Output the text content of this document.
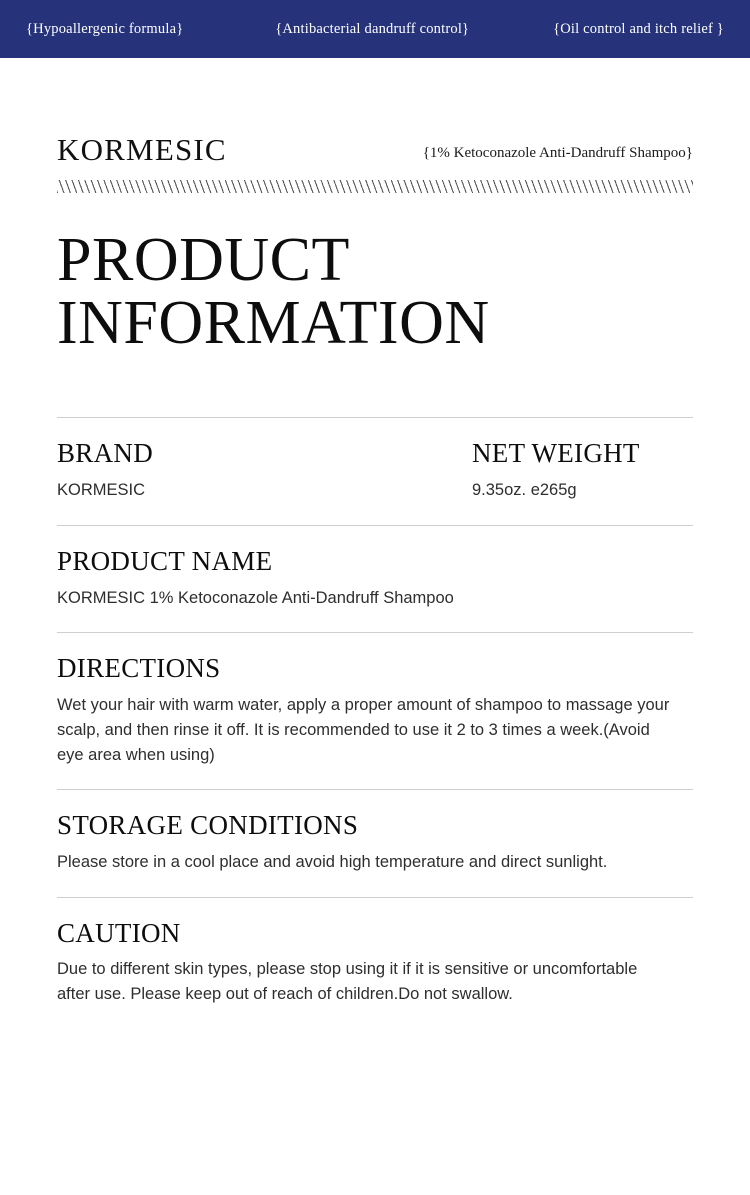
{Hypoallergenic formula}	{Antibacterial dandruff control}	{Oil control and itch relief }
KORMESIC	{1% Ketoconazole Anti-Dandruff Shampoo}
PRODUCT
INFORMATION
BRAND
KORMESIC
NET WEIGHT
9.35oz. e265g
PRODUCT NAME
KORMESIC 1% Ketoconazole Anti-Dandruff Shampoo
DIRECTIONS
Wet your hair with warm water, apply a proper amount of shampoo to massage your scalp, and then rinse it off. It is recommended to use it 2 to 3 times a week.(Avoid eye area when using)
STORAGE CONDITIONS
Please store in a cool place and avoid high temperature and direct sunlight.
CAUTION
Due to different skin types, please stop using it if it is sensitive or uncomfortable after use. Please keep out of reach of children.Do not swallow.
